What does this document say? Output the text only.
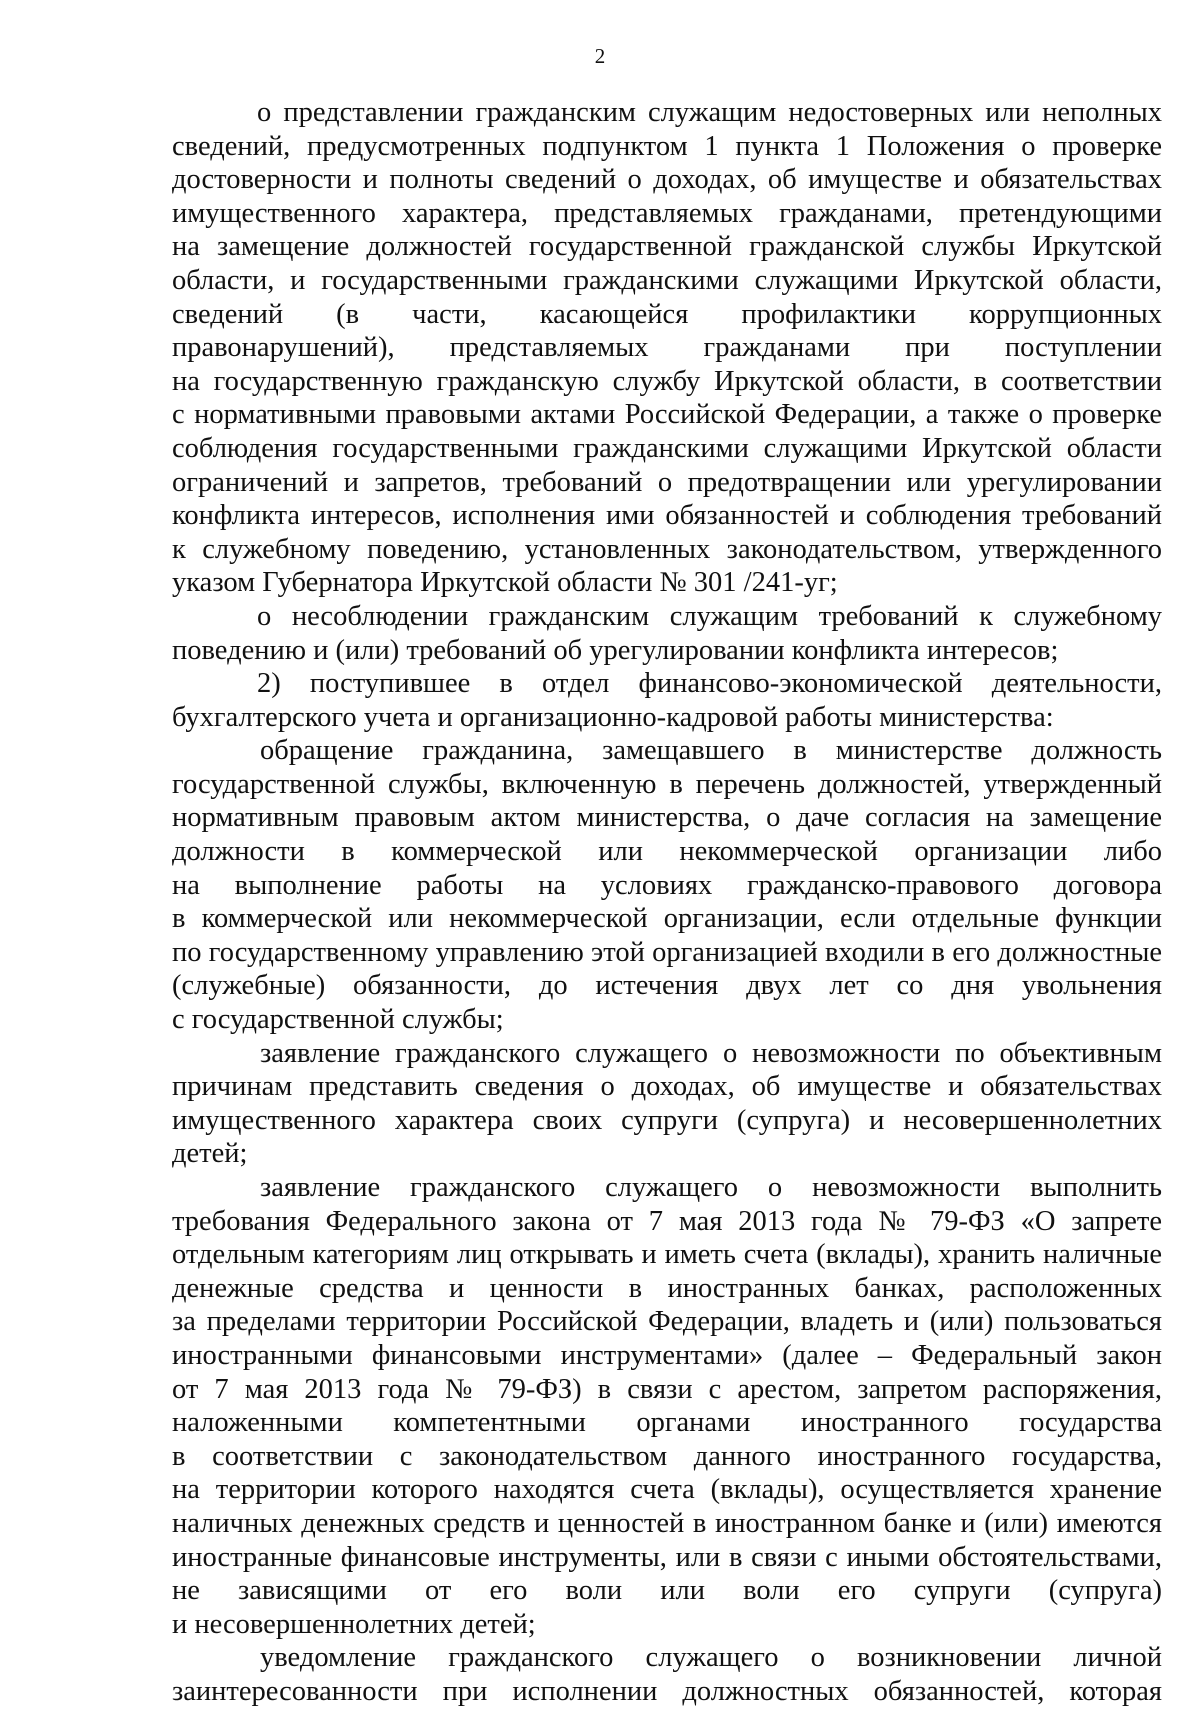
2
о представлении гражданским служащим недостоверных или неполных
сведений, предусмотренных подпунктом 1 пункта 1 Положения о проверке
достоверности и полноты сведений о доходах, об имуществе и обязательствах
имущественного характера, представляемых гражданами, претендующими
на замещение должностей государственной гражданской службы Иркутской
области, и государственными гражданскими служащими Иркутской области,
сведений (в части, касающейся профилактики коррупционных
правонарушений), представляемых гражданами при поступлении
на государственную гражданскую службу Иркутской области, в соответствии
с нормативными правовыми актами Российской Федерации, а также о проверке
соблюдения государственными гражданскими служащими Иркутской области
ограничений и запретов, требований о предотвращении или урегулировании
конфликта интересов, исполнения ими обязанностей и соблюдения требований
к служебному поведению, установленных законодательством, утвержденного
указом Губернатора Иркутской области № 301 /241-уг;
о несоблюдении гражданским служащим требований к служебному
поведению и (или) требований об урегулировании конфликта интересов;
2) поступившее в отдел финансово-экономической деятельности,
бухгалтерского учета и организационно-кадровой работы министерства:
обращение гражданина, замещавшего в министерстве должность
государственной службы, включенную в перечень должностей, утвержденный
нормативным правовым актом министерства, о даче согласия на замещение
должности в коммерческой или некоммерческой организации либо
на выполнение работы на условиях гражданско-правового договора
в коммерческой или некоммерческой организации, если отдельные функции
по государственному управлению этой организацией входили в его должностные
(служебные) обязанности, до истечения двух лет со дня увольнения
с государственной службы;
заявление гражданского служащего о невозможности по объективным
причинам представить сведения о доходах, об имуществе и обязательствах
имущественного характера своих супруги (супруга) и несовершеннолетних
детей;
заявление гражданского служащего о невозможности выполнить
требования Федерального закона от 7 мая 2013 года № 79-ФЗ «О запрете
отдельным категориям лиц открывать и иметь счета (вклады), хранить наличные
денежные средства и ценности в иностранных банках, расположенных
за пределами территории Российской Федерации, владеть и (или) пользоваться
иностранными финансовыми инструментами» (далее – Федеральный закон
от 7 мая 2013 года № 79-ФЗ) в связи с арестом, запретом распоряжения,
наложенными компетентными органами иностранного государства
в соответствии с законодательством данного иностранного государства,
на территории которого находятся счета (вклады), осуществляется хранение
наличных денежных средств и ценностей в иностранном банке и (или) имеются
иностранные финансовые инструменты, или в связи с иными обстоятельствами,
не зависящими от его воли или воли его супруги (супруга)
и несовершеннолетних детей;
уведомление гражданского служащего о возникновении личной
заинтересованности при исполнении должностных обязанностей, которая
